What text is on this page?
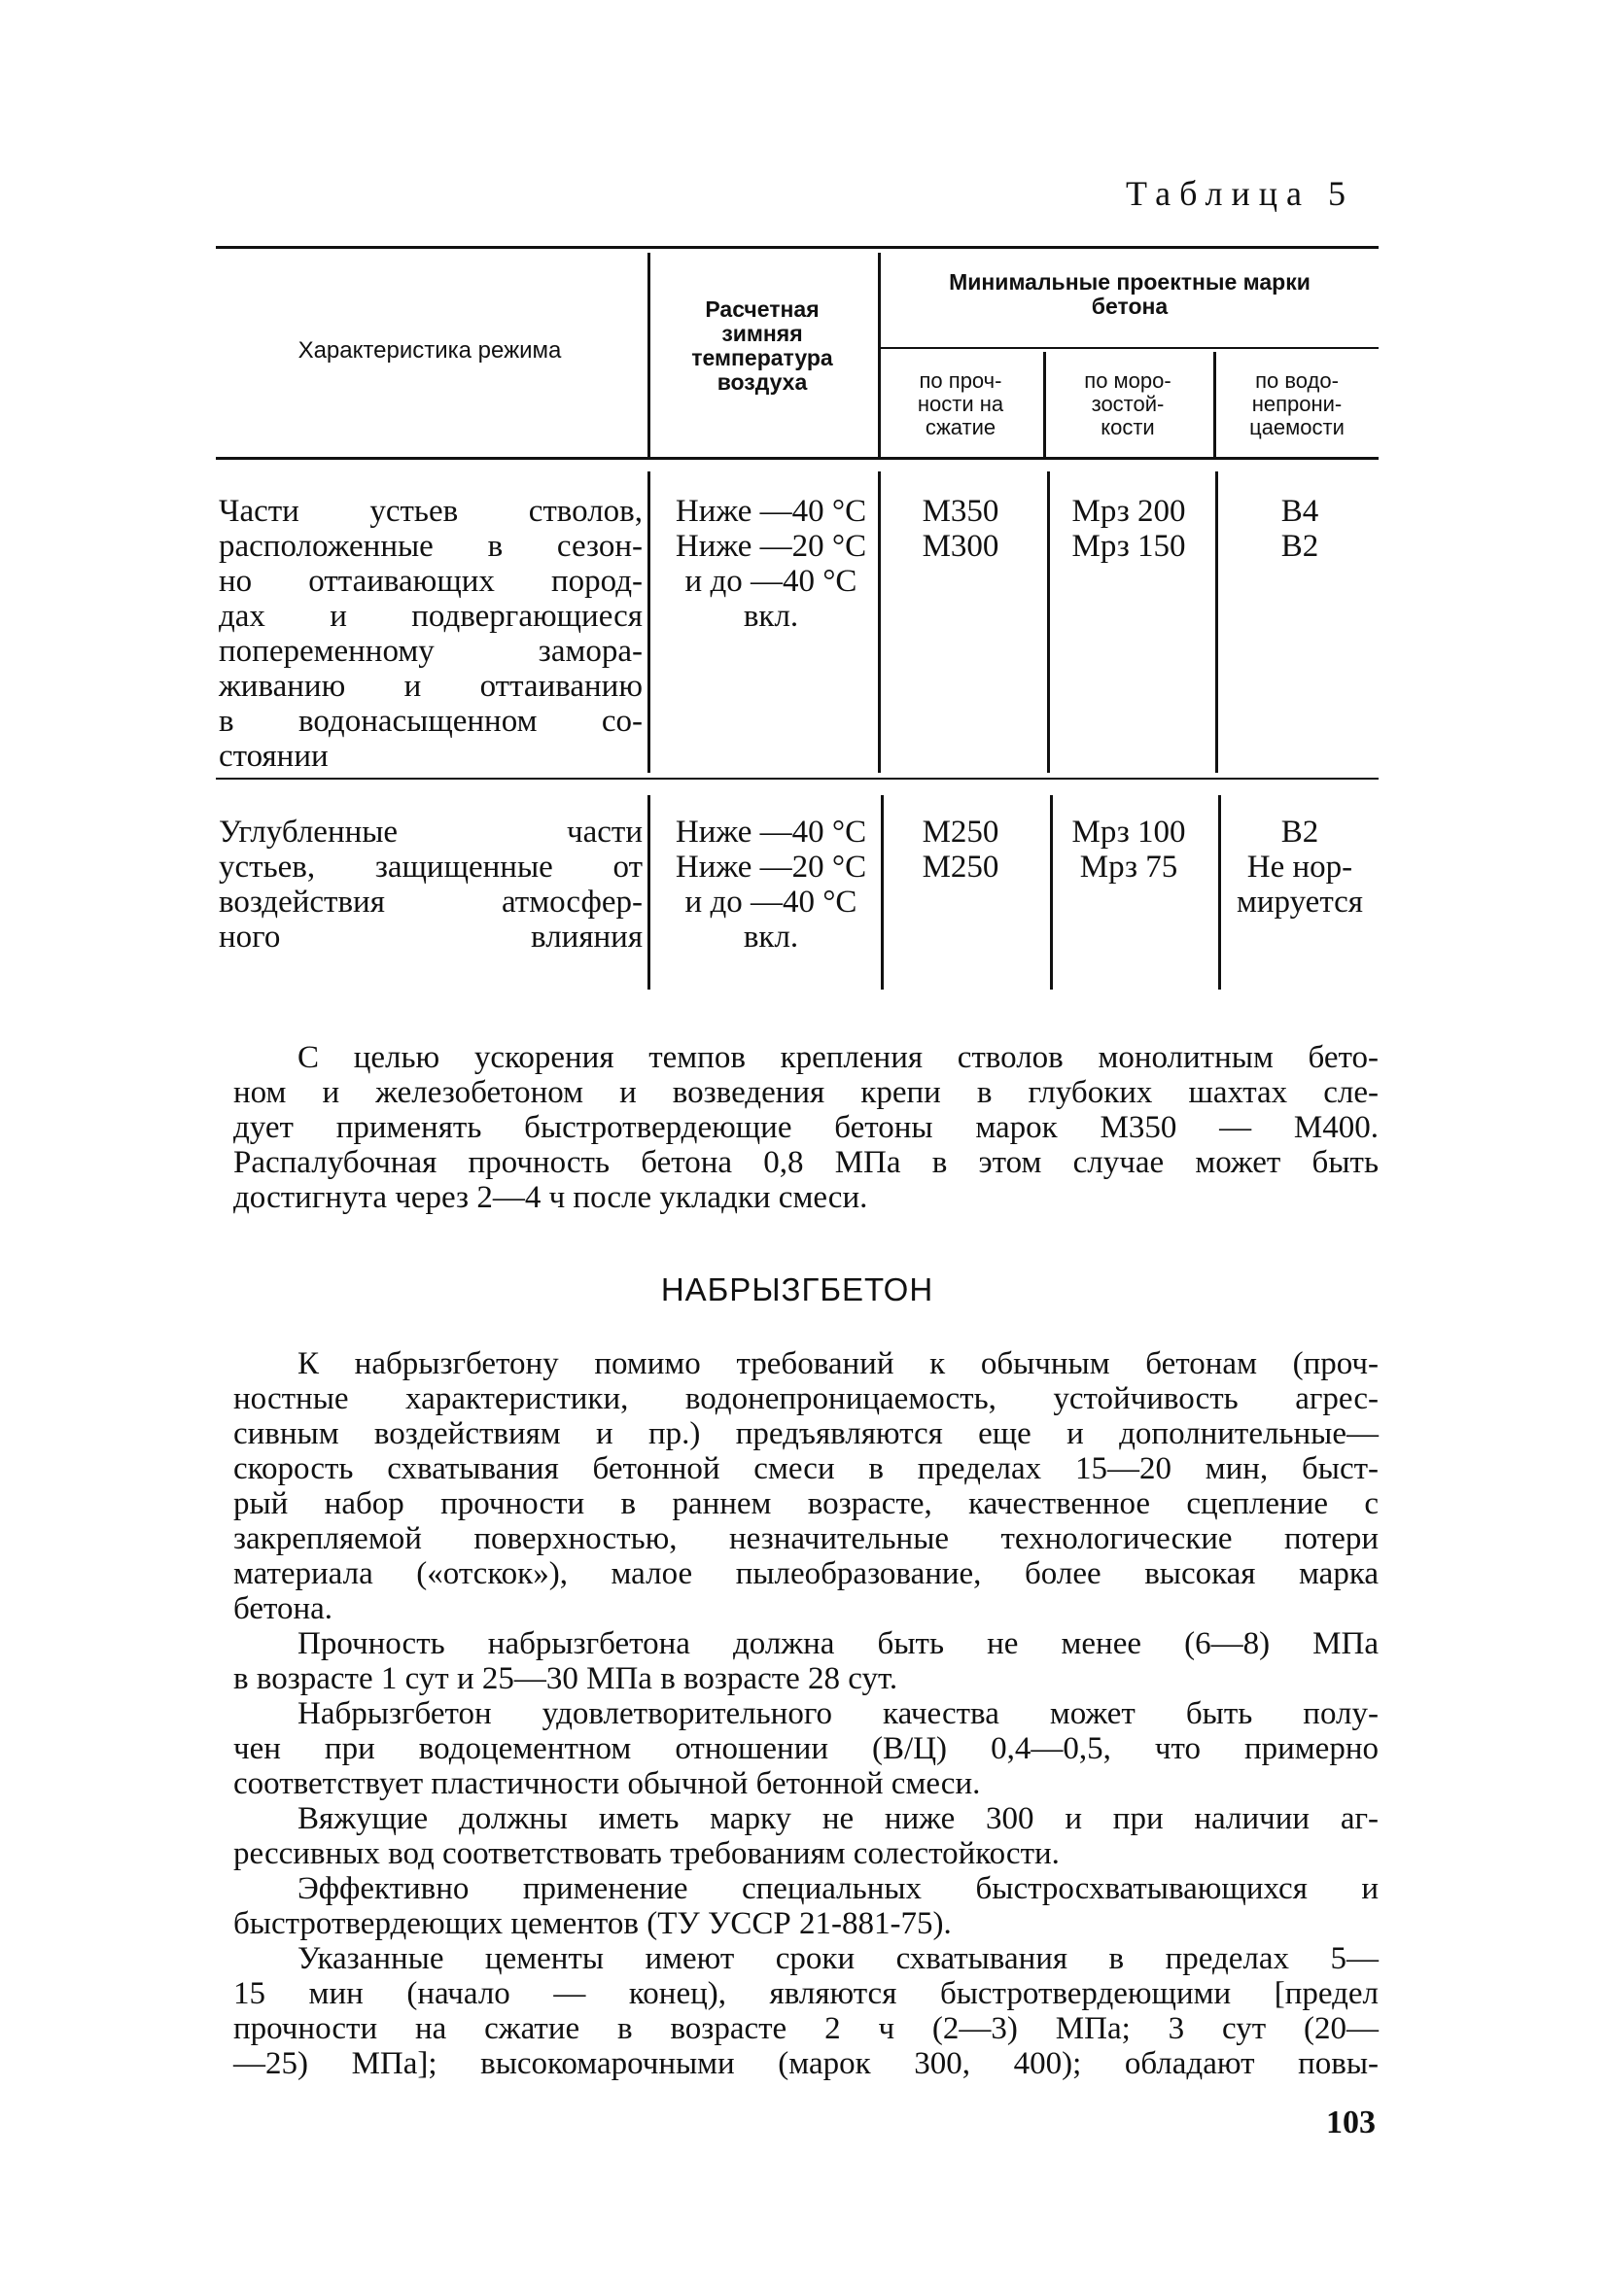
Таблица 5
Характеристика режима
Расчетная
зимняя
температура
воздуха
Минимальные проектные марки
бетона
по проч-
ности на
сжатие
по моро-
зостой-
кости
по водо-
непрони-
цаемости
Части устьев стволов,
расположенные в сезон-
но оттаивающих пород-
дах и подвергающиеся
попеременному замора-
живанию и оттаиванию
в водонасыщенном со-
стоянии
Ниже —40 °С
Ниже —20 °С
и до —40 °С
вкл.
М350
М300
Мрз 200
Мрз 150
В4
В2
Углубленные части
устьев, защищенные от
воздействия атмосфер-
ного влияния
Ниже —40 °С
Ниже —20 °С
и до —40 °С
вкл.
М250
М250
Мрз 100
Мрз 75
В2
Не нор-
мируется
С целью ускорения темпов крепления стволов монолитным бето-
ном и железобетоном и возведения крепи в глубоких шахтах сле-
дует применять быстротвердеющие бетоны марок М350 — М400.
Распалубочная прочность бетона 0,8 МПа в этом случае может быть
достигнута через 2—4 ч после укладки смеси.
НАБРЫЗГБЕТОН
К набрызгбетону помимо требований к обычным бетонам (проч-
ностные характеристики, водонепроницаемость, устойчивость агрес-
сивным воздействиям и пр.) предъявляются еще и дополнительные—
скорость схватывания бетонной смеси в пределах 15—20 мин, быст-
рый набор прочности в раннем возрасте, качественное сцепление с
закрепляемой поверхностью, незначительные технологические потери
материала («отскок»), малое пылеобразование, более высокая марка
бетона.
Прочность набрызгбетона должна быть не менее (6—8) МПа
в возрасте 1 сут и 25—30 МПа в возрасте 28 сут.
Набрызгбетон удовлетворительного качества может быть полу-
чен при водоцементном отношении (В/Ц) 0,4—0,5, что примерно
соответствует пластичности обычной бетонной смеси.
Вяжущие должны иметь марку не ниже 300 и при наличии аг-
рессивных вод соответствовать требованиям солестойкости.
Эффективно применение специальных быстросхватывающихся и
быстротвердеющих цементов (ТУ УССР 21-881-75).
Указанные цементы имеют сроки схватывания в пределах 5—
15 мин (начало — конец), являются быстротвердеющими [предел
прочности на сжатие в возрасте 2 ч (2—3) МПа; 3 сут (20—
—25) МПа]; высокомарочными (марок 300, 400); обладают повы-
103
